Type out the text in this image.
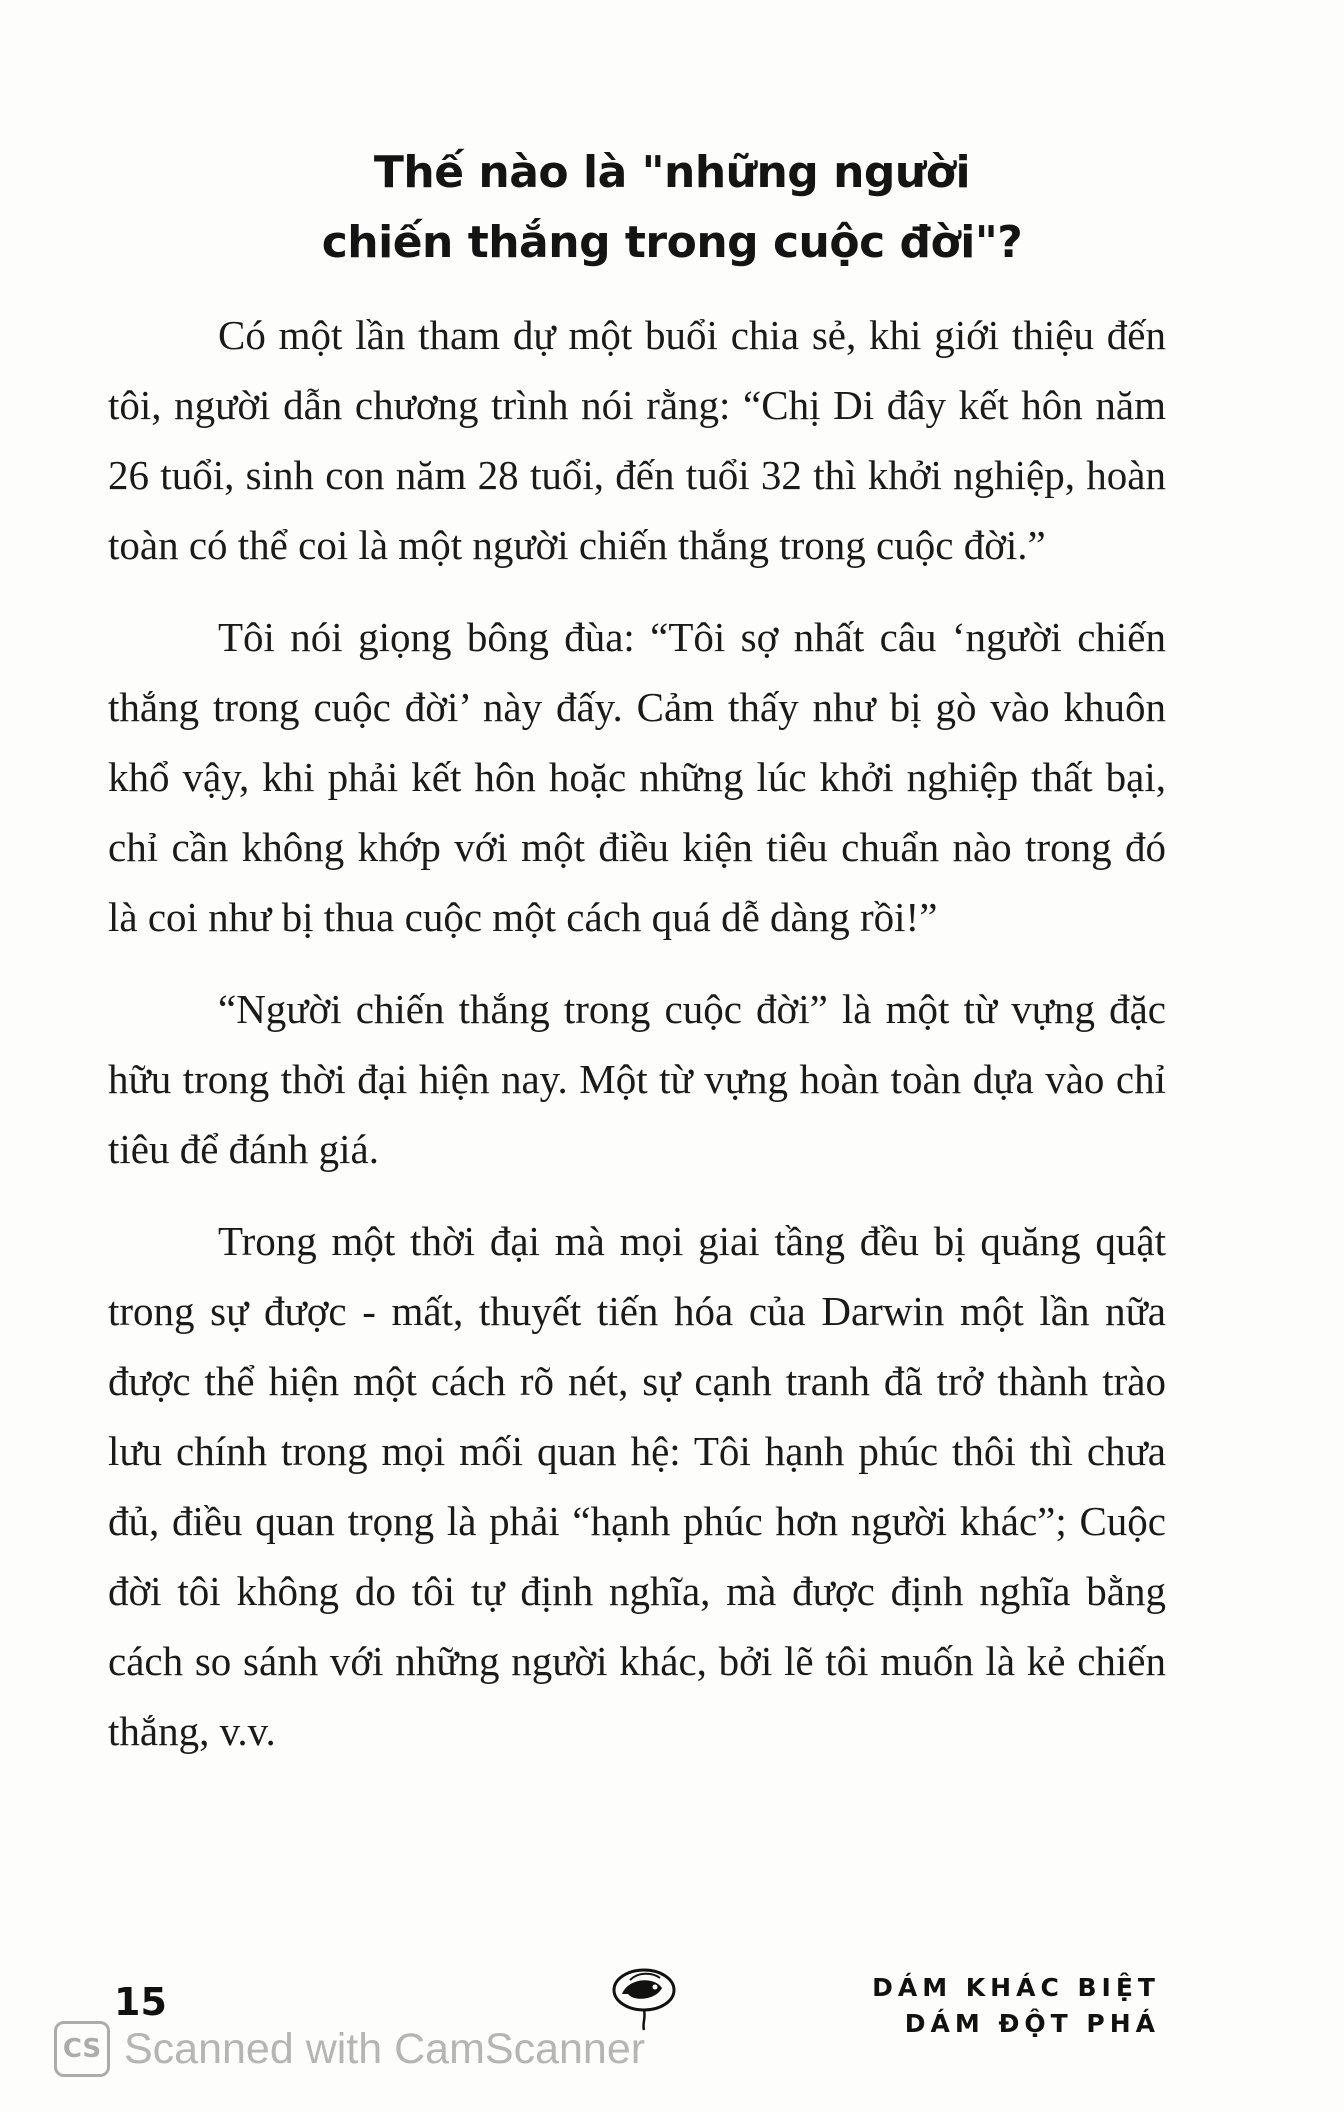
Thế nào là "những người
chiến thắng trong cuộc đời"?

Có một lần tham dự một buổi chia sẻ, khi giới thiệu đến tôi, người dẫn chương trình nói rằng: “Chị Di đây kết hôn năm 26 tuổi, sinh con năm 28 tuổi, đến tuổi 32 thì khởi nghiệp, hoàn toàn có thể coi là một người chiến thắng trong cuộc đời.”

Tôi nói giọng bông đùa: “Tôi sợ nhất câu ‘người chiến thắng trong cuộc đời’ này đấy. Cảm thấy như bị gò vào khuôn khổ vậy, khi phải kết hôn hoặc những lúc khởi nghiệp thất bại, chỉ cần không khớp với một điều kiện tiêu chuẩn nào trong đó là coi như bị thua cuộc một cách quá dễ dàng rồi!”

“Người chiến thắng trong cuộc đời” là một từ vựng đặc hữu trong thời đại hiện nay. Một từ vựng hoàn toàn dựa vào chỉ tiêu để đánh giá.

Trong một thời đại mà mọi giai tầng đều bị quăng quật trong sự được - mất, thuyết tiến hóa của Darwin một lần nữa được thể hiện một cách rõ nét, sự cạnh tranh đã trở thành trào lưu chính trong mọi mối quan hệ: Tôi hạnh phúc thôi thì chưa đủ, điều quan trọng là phải “hạnh phúc hơn người khác”; Cuộc đời tôi không do tôi tự định nghĩa, mà được định nghĩa bằng cách so sánh với những người khác, bởi lẽ tôi muốn là kẻ chiến thắng, v.v.

15	DÁM KHÁC BIỆT
DÁM ĐỘT PHÁ
CS Scanned with CamScanner
